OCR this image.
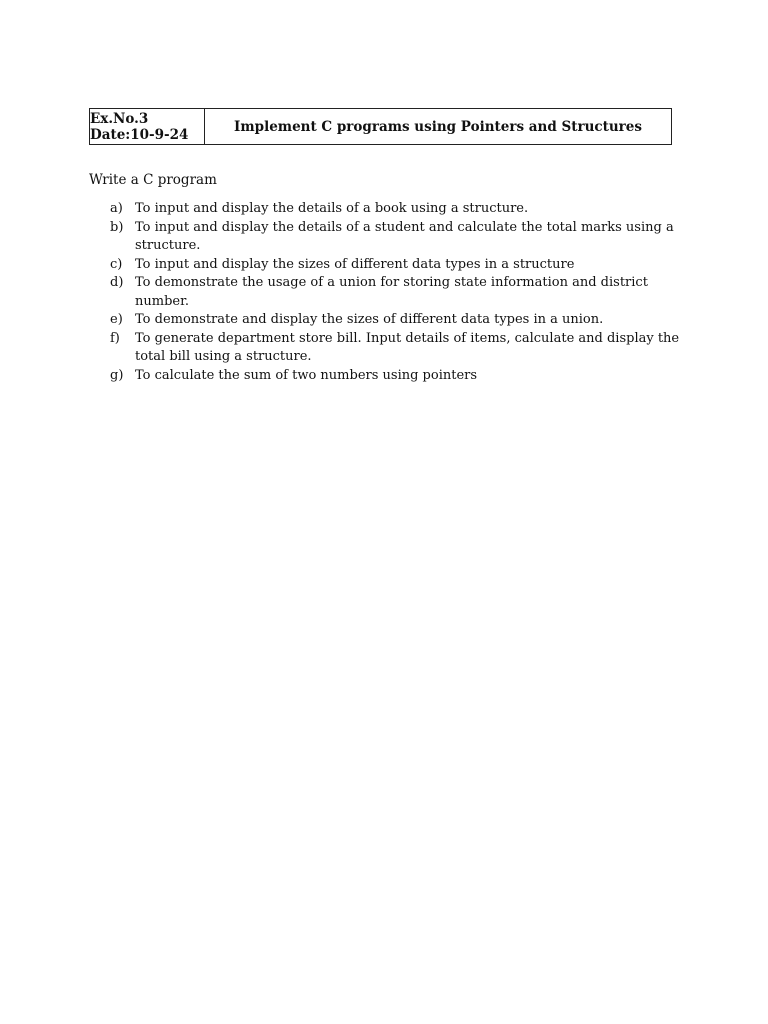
Ex.No.3
Date:10-9-24	Implement C programs using Pointers and Structures
Write a C program
a) To input and display the details of a book using a structure.
b) To input and display the details of a student and calculate the total marks using a structure.
c) To input and display the sizes of different data types in a structure
d) To demonstrate the usage of a union for storing state information and district number.
e) To demonstrate and display the sizes of different data types in a union.
f)	To generate department store bill. Input details of items, calculate and display the total bill using a structure.
g) To calculate the sum of two numbers using pointers
